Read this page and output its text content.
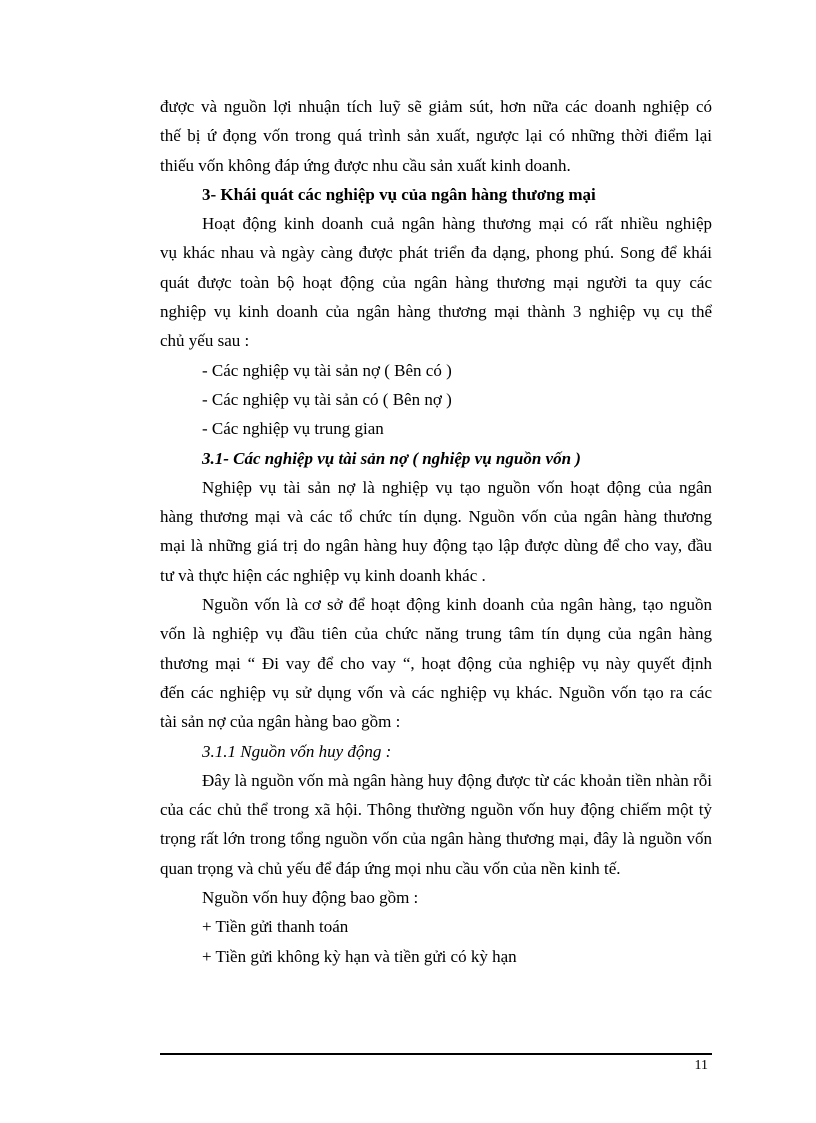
được và nguồn lợi nhuận tích luỹ sẽ giảm sút, hơn nữa các doanh nghiệp có

thế bị ứ đọng vốn trong quá trình sản xuất, ngược lại có những thời điểm lại

thiếu vốn không đáp ứng được nhu cầu sản xuất kinh doanh.

3- Khái quát các nghiệp vụ của ngân hàng thương mại

Hoạt động kinh doanh cuả ngân hàng thương mại có rất nhiều nghiệp

vụ khác nhau và ngày càng được phát triển đa dạng, phong phú. Song để khái

quát được toàn bộ hoạt động của ngân hàng thương mại người ta quy các

nghiệp vụ kinh doanh của ngân hàng thương mại thành 3 nghiệp vụ cụ thể

chủ yếu sau :

- Các nghiệp vụ tài sản nợ ( Bên có )

- Các nghiệp vụ tài sản có ( Bên nợ )

- Các nghiệp vụ trung gian

3.1- Các nghiệp vụ tài sản nợ ( nghiệp vụ nguồn vốn )

Nghiệp vụ tài sản nợ là nghiệp vụ tạo nguồn vốn hoạt động của ngân

hàng thương mại và các tổ chức tín dụng. Nguồn vốn của ngân hàng thương

mại là những giá trị do ngân hàng huy động tạo lập được dùng để cho vay, đầu

tư và thực hiện các nghiệp vụ kinh doanh khác .

Nguồn vốn là cơ sở để hoạt động kinh doanh của ngân hàng, tạo nguồn

vốn là nghiệp vụ đầu tiên của chức năng trung tâm tín dụng của ngân hàng

thương mại “ Đi vay để cho vay “, hoạt động của nghiệp vụ này quyết định

đến các nghiệp vụ sử dụng vốn và các nghiệp vụ khác. Nguồn vốn tạo ra các

tài sản nợ của ngân hàng bao gồm :

3.1.1 Nguồn vốn huy động :

Đây là nguồn vốn mà ngân hàng huy động được từ các khoản tiền nhàn rỗi

của các chủ thể trong xã hội. Thông thường nguồn vốn huy động chiếm một tỷ

trọng rất lớn trong tổng nguồn vốn của ngân hàng thương mại, đây là nguồn vốn

quan trọng và chủ yếu để đáp ứng mọi nhu cầu vốn của nền kinh tế.

Nguồn vốn huy động bao gồm :

+ Tiền gửi thanh toán

+ Tiền gửi không kỳ hạn và tiền gửi có kỳ hạn

11
